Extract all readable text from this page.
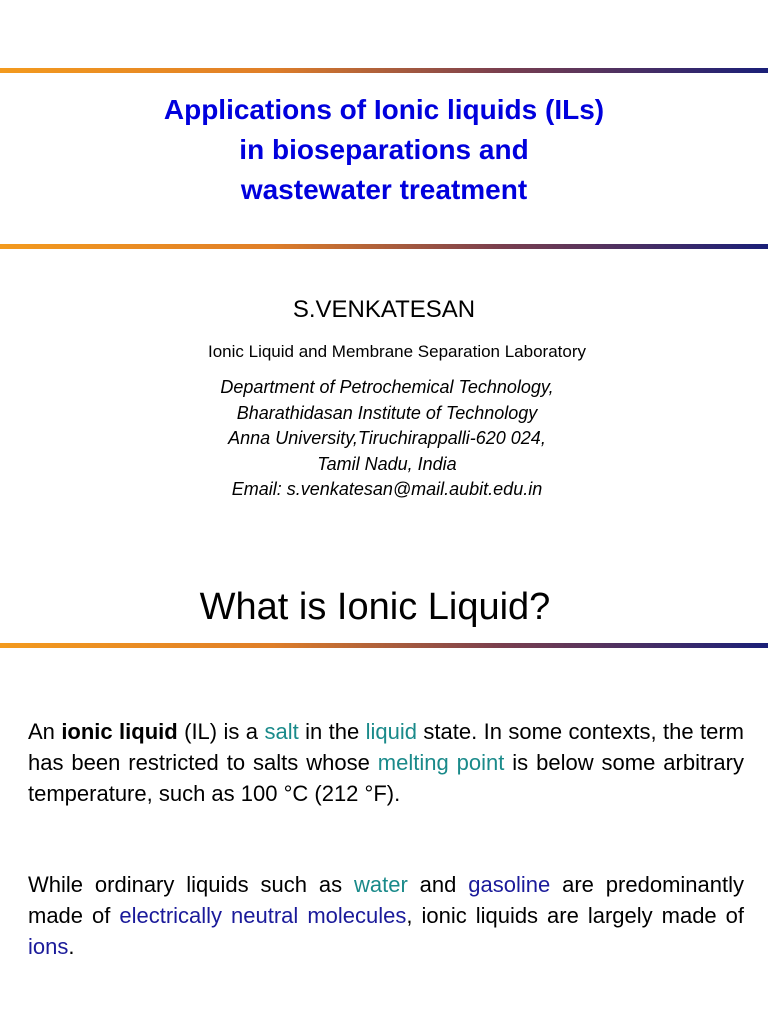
Applications of Ionic liquids (ILs)
in bioseparations and
wastewater treatment

S.VENKATESAN

Ionic Liquid and Membrane Separation Laboratory

Department of Petrochemical Technology,
Bharathidasan Institute of Technology
Anna University,Tiruchirappalli-620 024,
Tamil Nadu, India
Email: s.venkatesan@mail.aubit.edu.in

What is Ionic Liquid?

An ionic liquid (IL) is a salt in the liquid state. In some contexts, the term has been restricted to salts whose melting point is below some arbitrary temperature, such as 100 °C (212 °F).

While ordinary liquids such as water and gasoline are predominantly made of electrically neutral molecules, ionic liquids are largely made of ions.
